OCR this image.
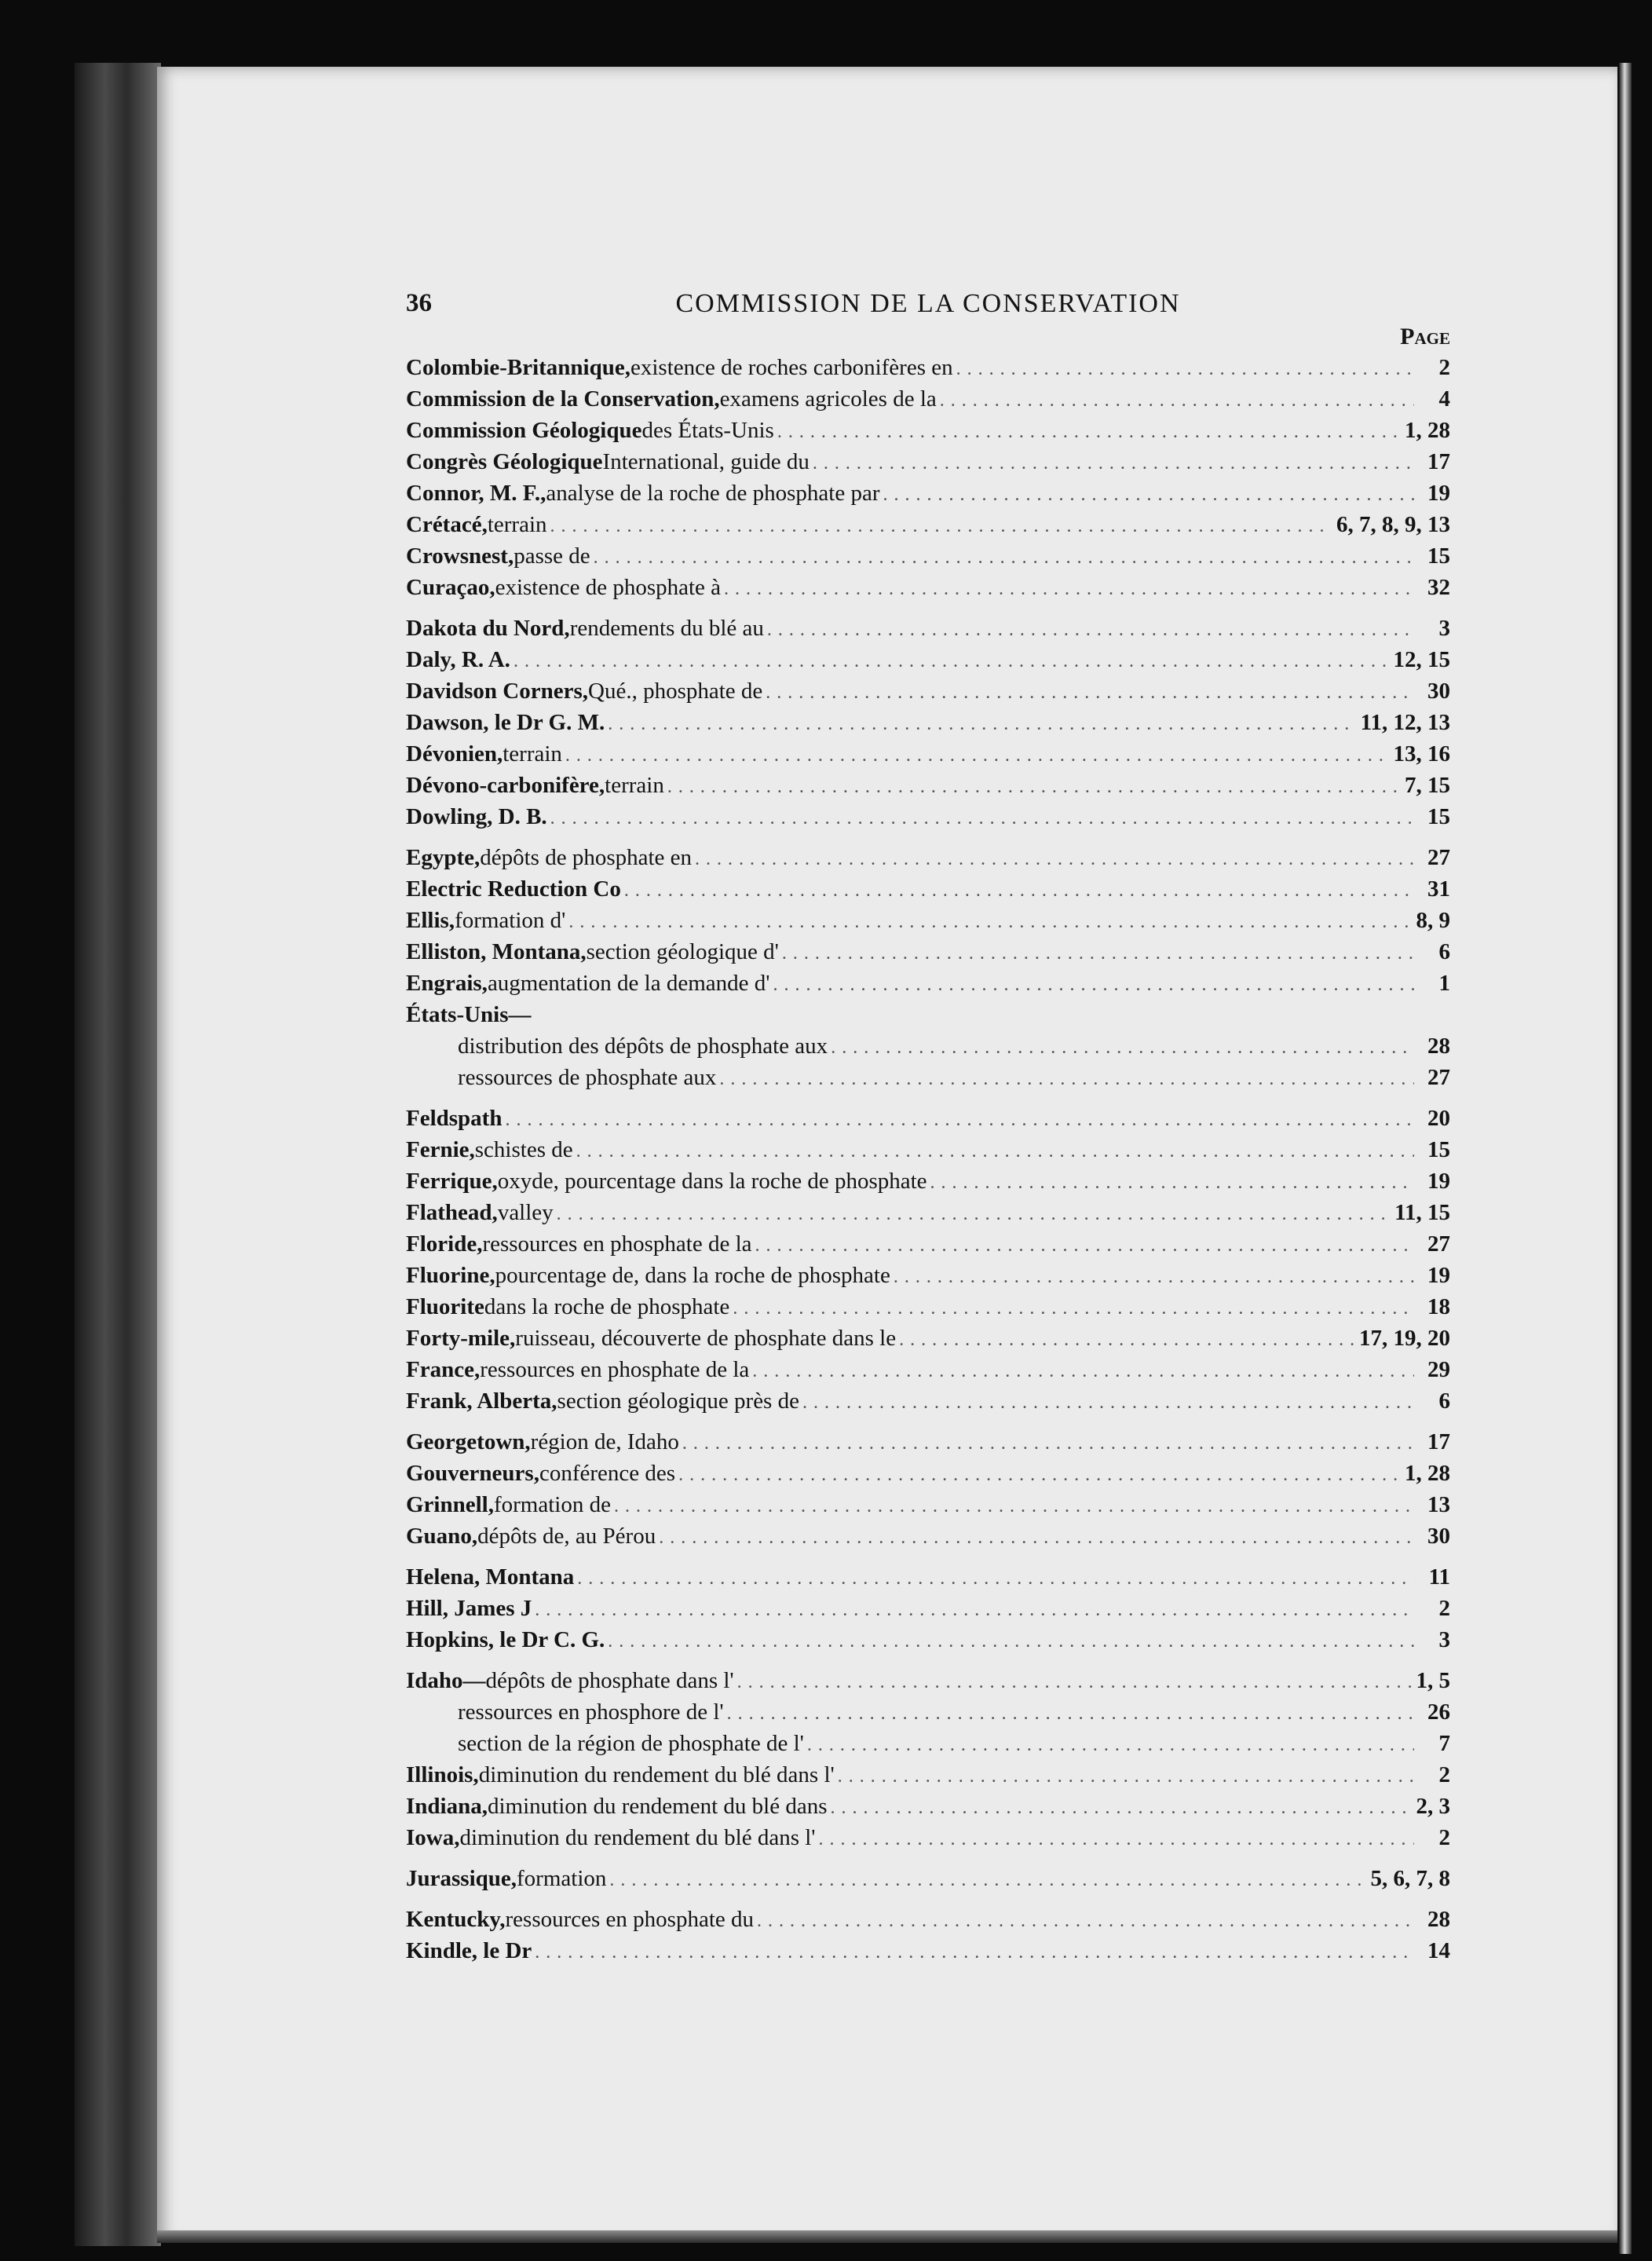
36	COMMISSION DE LA CONSERVATION
Page
Colombie-Britannique, existence de roches carbonifères en . . .	2
Commission de la Conservation, examens agricoles de la . . .	4
Commission Géologique des États-Unis . . .	1, 28
Congrès Géologique International, guide du . . .	17
Connor, M. F., analyse de la roche de phosphate par . . .	19
Crétacé, terrain . . .	6, 7, 8, 9, 13
Crowsnest, passe de . . .	15
Curaçao, existence de phosphate à . . .	32
Dakota du Nord, rendements du blé au . . .	3
Daly, R. A. . . .	12, 15
Davidson Corners, Qué., phosphate de . . .	30
Dawson, le Dr G. M. . . .	11, 12, 13
Dévonien, terrain . . .	13, 16
Dévono-carbonifère, terrain . . .	7, 15
Dowling, D. B. . . .	15
Egypte, dépôts de phosphate en . . .	27
Electric Reduction Co . . .	31
Ellis, formation d' . . .	8, 9
Elliston, Montana, section géologique d' . . .	6
Engrais, augmentation de la demande d' . . .	1
États-Unis—
distribution des dépôts de phosphate aux . . .	28
ressources de phosphate aux . . .	27
Feldspath . . .	20
Fernie, schistes de . . .	15
Ferrique, oxyde, pourcentage dans la roche de phosphate . . .	19
Flathead, valley . . .	11, 15
Floride, ressources en phosphate de la . . .	27
Fluorine, pourcentage de, dans la roche de phosphate . . .	19
Fluorite dans la roche de phosphate . . .	18
Forty-mile, ruisseau, découverte de phosphate dans le . . .	17, 19, 20
France, ressources en phosphate de la . . .	29
Frank, Alberta, section géologique près de . . .	6
Georgetown, région de, Idaho . . .	17
Gouverneurs, conférence des . . .	1, 28
Grinnell, formation de . . .	13
Guano, dépôts de, au Pérou . . .	30
Helena, Montana . . .	11
Hill, James J . . .	2
Hopkins, le Dr C. G. . . .	3
Idaho— dépôts de phosphate dans l' . . .	1, 5
ressources en phosphore de l' . . .	26
section de la région de phosphate de l' . . .	7
Illinois, diminution du rendement du blé dans l' . . .	2
Indiana, diminution du rendement du blé dans . . .	2, 3
Iowa, diminution du rendement du blé dans l' . . .	2
Jurassique, formation . . .	5, 6, 7, 8
Kentucky, ressources en phosphate du . . .	28
Kindle, le Dr . . .	14
